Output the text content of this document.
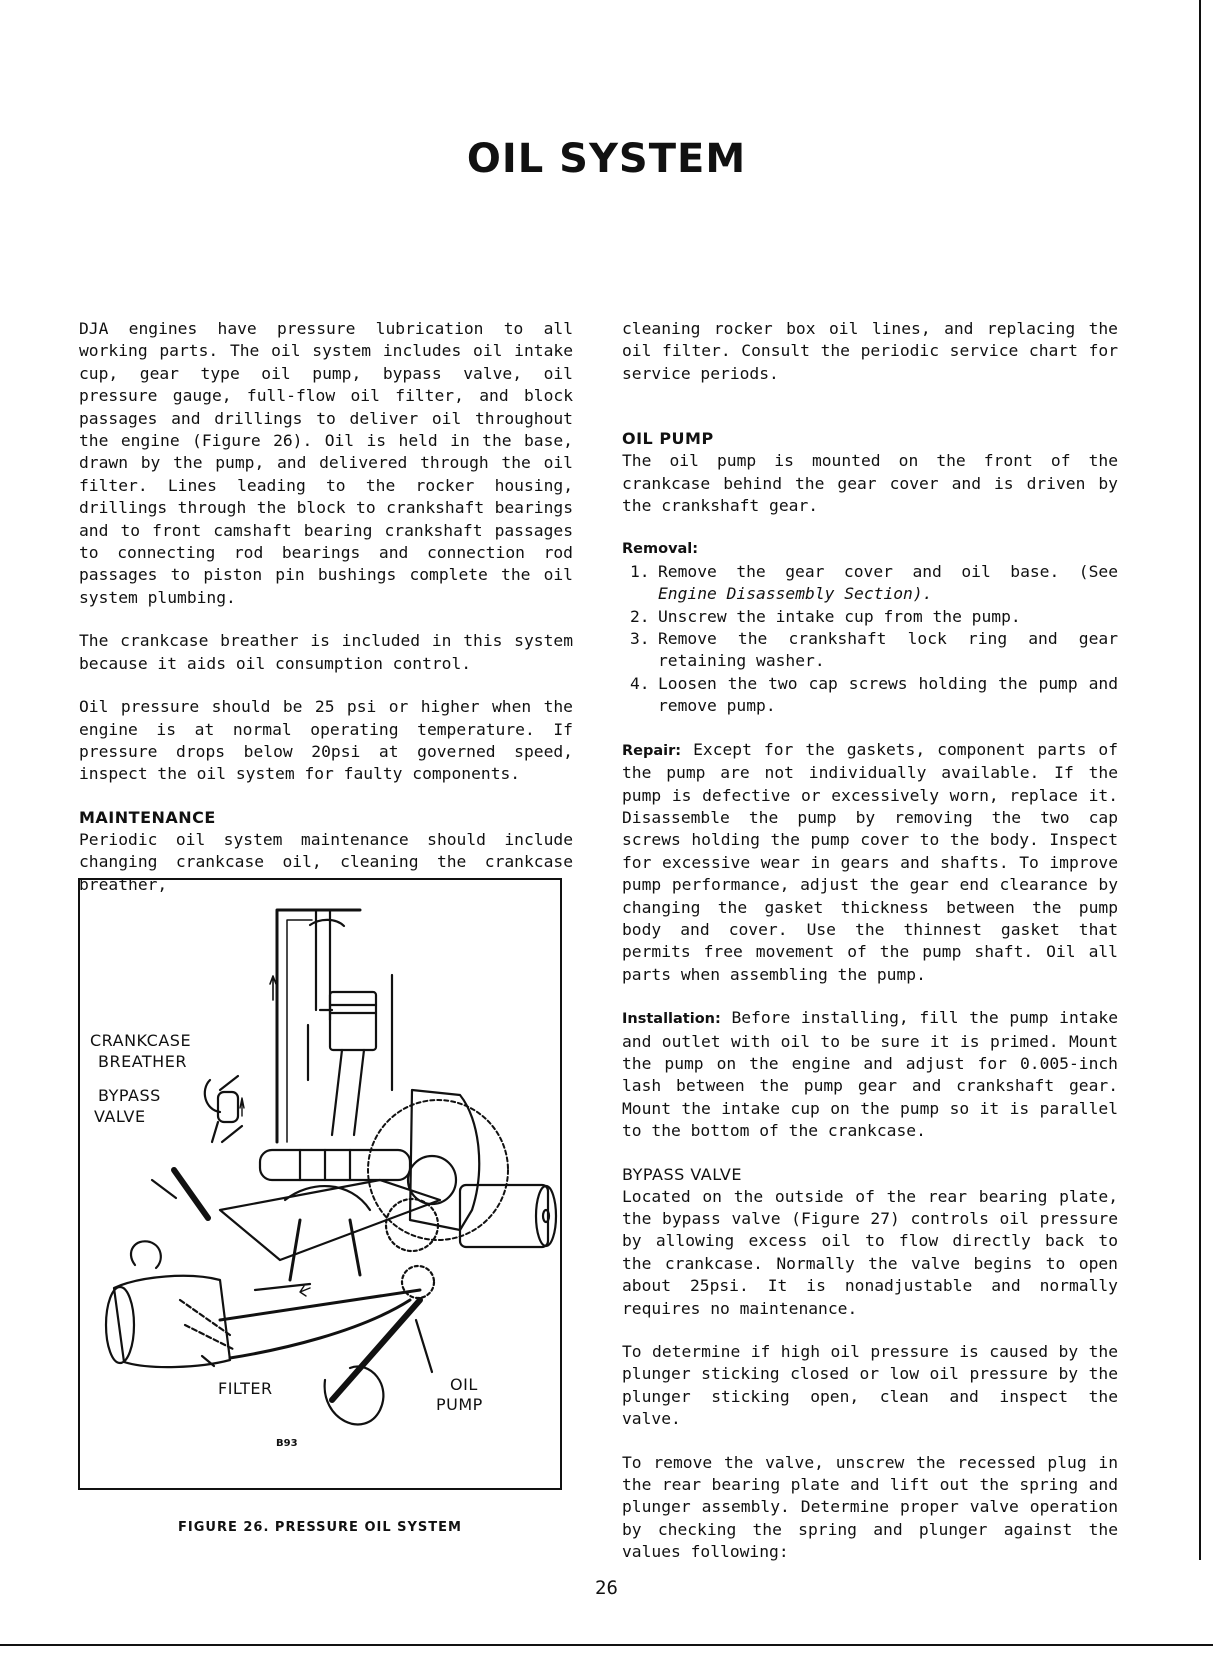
OIL SYSTEM

DJA engines have pressure lubrication to all working parts. The oil system includes oil intake cup, gear type oil pump, bypass valve, oil pressure gauge, full-flow oil filter, and block passages and drillings to deliver oil throughout the engine (Figure 26). Oil is held in the base, drawn by the pump, and delivered through the oil filter. Lines leading to the rocker housing, drillings through the block to crankshaft bearings and to front camshaft bearing crankshaft passages to connecting rod bearings and connection rod passages to piston pin bushings complete the oil system plumbing.

The crankcase breather is included in this system because it aids oil consumption control.

Oil pressure should be 25 psi or higher when the engine is at normal operating temperature. If pressure drops below 20psi at governed speed, inspect the oil system for faulty components.

MAINTENANCE

Periodic oil system maintenance should include changing crankcase oil, cleaning the crankcase breather,

CRANKCASE
BREATHER
BYPASS
VALVE
FILTER	OIL
PUMP
B93
FIGURE 26. PRESSURE OIL SYSTEM

cleaning rocker box oil lines, and replacing the oil filter. Consult the periodic service chart for service periods.

OIL PUMP

The oil pump is mounted on the front of the crankcase behind the gear cover and is driven by the crankshaft gear.

Removal:
1. Remove the gear cover and oil base. (See Engine Disassembly Section).
2. Unscrew the intake cup from the pump.
3. Remove the crankshaft lock ring and gear retaining washer.
4. Loosen the two cap screws holding the pump and remove pump.

Repair: Except for the gaskets, component parts of the pump are not individually available. If the pump is defective or excessively worn, replace it. Disassemble the pump by removing the two cap screws holding the pump cover to the body. Inspect for excessive wear in gears and shafts. To improve pump performance, adjust the gear end clearance by changing the gasket thickness between the pump body and cover. Use the thinnest gasket that permits free movement of the pump shaft. Oil all parts when assembling the pump.

Installation: Before installing, fill the pump intake and outlet with oil to be sure it is primed. Mount the pump on the engine and adjust for 0.005-inch lash between the pump gear and crankshaft gear. Mount the intake cup on the pump so it is parallel to the bottom of the crankcase.

BYPASS VALVE

Located on the outside of the rear bearing plate, the bypass valve (Figure 27) controls oil pressure by allowing excess oil to flow directly back to the crankcase. Normally the valve begins to open about 25psi. It is nonadjustable and normally requires no maintenance.

To determine if high oil pressure is caused by the plunger sticking closed or low oil pressure by the plunger sticking open, clean and inspect the valve.

To remove the valve, unscrew the recessed plug in the rear bearing plate and lift out the spring and plunger assembly. Determine proper valve operation by checking the spring and plunger against the values following:

26
